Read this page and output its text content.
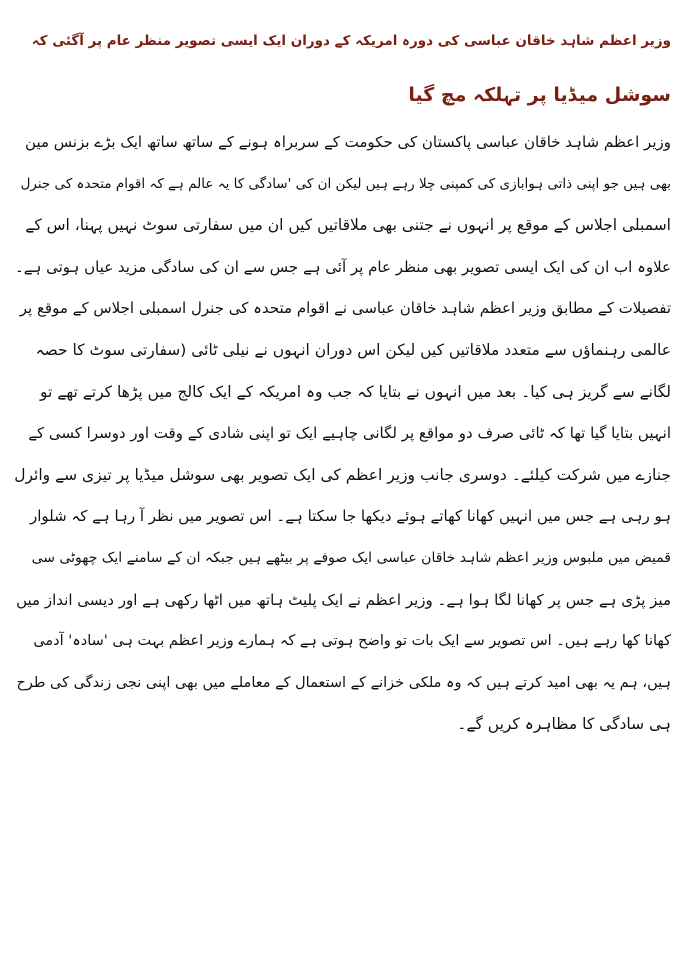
وزیر اعظم شاہد خاقان عباسی کی دورہ امریکہ کے دوران ایک ایسی تصویر منظر عام پر آگئی کہ
سوشل میڈیا پر تہلکہ مچ گیا
وزیر اعظم شاہد خاقان عباسی پاکستان کی حکومت کے سربراہ ہونے کے ساتھ ساتھ ایک بڑے بزنس مین
بھی ہیں جو اپنی ذاتی ہوابازی کی کمپنی چلا رہے ہیں لیکن ان کی 'سادگی کا یہ عالم ہے کہ اقوام متحدہ کی جنرل
اسمبلی اجلاس کے موقع پر انہوں نے جتنی بھی ملاقاتیں کیں ان میں سفارتی سوٹ نہیں پہنا، اس کے
علاوہ اب ان کی ایک ایسی تصویر بھی منظر عام پر آئی ہے جس سے ان کی سادگی مزید عیاں ہوتی ہے۔
تفصیلات کے مطابق وزیر اعظم شاہد خاقان عباسی نے اقوام متحدہ کی جنرل اسمبلی اجلاس کے موقع پر
عالمی رہنماؤں سے متعدد ملاقاتیں کیں لیکن اس دوران انہوں نے نیلی ٹائی (سفارتی سوٹ کا حصہ
لگانے سے گریز ہی کیا۔ بعد میں انہوں نے بتایا کہ جب وہ امریکہ کے ایک کالج میں پڑھا کرتے تھے تو
انہیں بتایا گیا تھا کہ ٹائی صرف دو مواقع پر لگانی چاہیے ایک تو اپنی شادی کے وقت اور دوسرا کسی کے
جنازے میں شرکت کیلئے۔ دوسری جانب وزیر اعظم کی ایک تصویر بھی سوشل میڈیا پر تیزی سے وائرل
ہو رہی ہے جس میں انہیں کھانا کھاتے ہوئے دیکھا جا سکتا ہے۔ اس تصویر میں نظر آ رہا ہے کہ شلوار
قمیض میں ملبوس وزیر اعظم شاہد خاقان عباسی ایک صوفے پر بیٹھے ہیں جبکہ ان کے سامنے ایک چھوٹی سی
میز پڑی ہے جس پر کھانا لگا ہوا ہے۔ وزیر اعظم نے ایک پلیٹ ہاتھ میں اٹھا رکھی ہے اور دیسی انداز میں
کھانا کھا رہے ہیں۔ اس تصویر سے ایک بات تو واضح ہوتی ہے کہ ہمارے وزیر اعظم بہت ہی 'سادہ' آدمی
ہیں، ہم یہ بھی امید کرتے ہیں کہ وہ ملکی خزانے کے استعمال کے معاملے میں بھی اپنی نجی زندگی کی طرح
ہی سادگی کا مظاہرہ کریں گے۔
